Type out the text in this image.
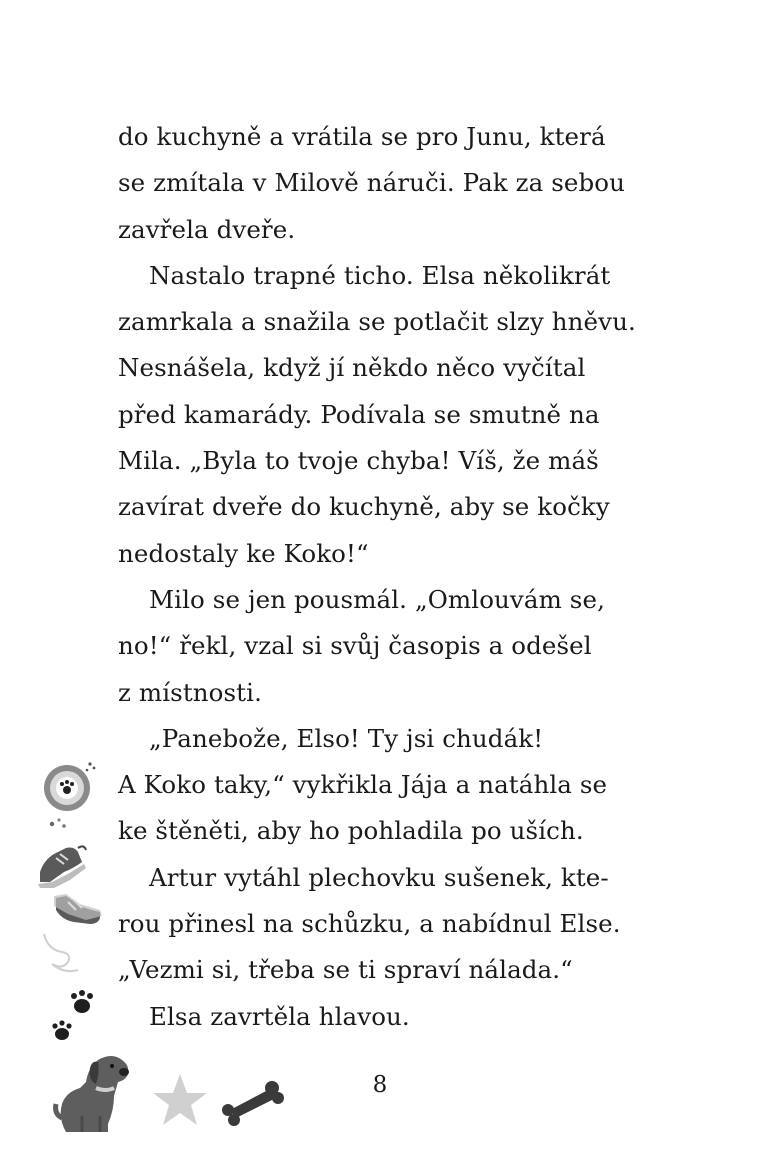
do kuchyně a vrátila se pro Junu, která
se zmítala v Milově náruči. Pak za sebou
zavřela dveře.
Nastalo trapné ticho. Elsa několikrát
zamrkala a snažila se potlačit slzy hněvu.
Nesnášela, když jí někdo něco vyčítal
před kamarády. Podívala se smutně na
Mila. „Byla to tvoje chyba! Víš, že máš
zavírat dveře do kuchyně, aby se kočky
nedostaly ke Koko!“
Milo se jen pousmál. „Omlouvám se,
no!“ řekl, vzal si svůj časopis a odešel
z místnosti.
„Panebože, Elso! Ty jsi chudák!
A Koko taky,“ vykřikla Jája a natáhla se
ke štěněti, aby ho pohladila po uších.
Artur vytáhl plechovku sušenek, kte-
rou přinesl na schůzku, a nabídnul Else.
„Vezmi si, třeba se ti spraví nálada.“
Elsa zavrtěla hlavou.
8
